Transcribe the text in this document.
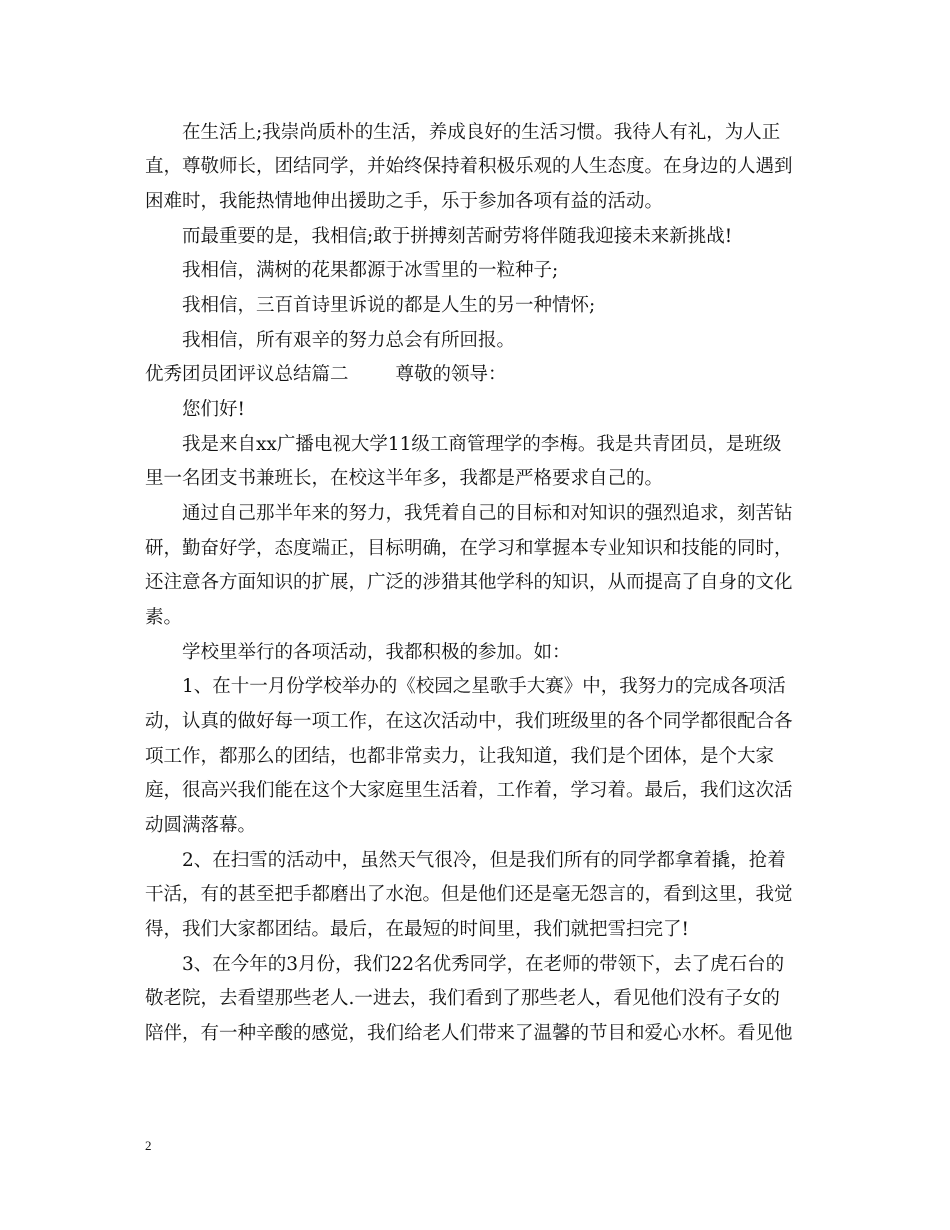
在生活上;我崇尚质朴的生活，养成良好的生活习惯。我待人有礼，为人正
直，尊敬师长，团结同学，并始终保持着积极乐观的人生态度。在身边的人遇到
困难时，我能热情地伸出援助之手，乐于参加各项有益的活动。
而最重要的是，我相信;敢于拼搏刻苦耐劳将伴随我迎接未来新挑战!
我相信，满树的花果都源于冰雪里的一粒种子;
我相信，三百首诗里诉说的都是人生的另一种情怀;
我相信，所有艰辛的努力总会有所回报。
优秀团员团评议总结篇二        尊敬的领导：
您们好!
我是来自xx广播电视大学11级工商管理学的李梅。我是共青团员，是班级
里一名团支书兼班长，在校这半年多，我都是严格要求自己的。
通过自己那半年来的努力，我凭着自己的目标和对知识的强烈追求，刻苦钻
研，勤奋好学，态度端正，目标明确，在学习和掌握本专业知识和技能的同时，
还注意各方面知识的扩展，广泛的涉猎其他学科的知识，从而提高了自身的文化
素。
学校里举行的各项活动，我都积极的参加。如：
1、在十一月份学校举办的《校园之星歌手大赛》中，我努力的完成各项活
动，认真的做好每一项工作，在这次活动中，我们班级里的各个同学都很配合各
项工作，都那么的团结，也都非常卖力，让我知道，我们是个团体，是个大家
庭，很高兴我们能在这个大家庭里生活着，工作着，学习着。最后，我们这次活
动圆满落幕。
2、在扫雪的活动中，虽然天气很冷，但是我们所有的同学都拿着撬，抢着
干活，有的甚至把手都磨出了水泡。但是他们还是毫无怨言的，看到这里，我觉
得，我们大家都团结。最后，在最短的时间里，我们就把雪扫完了!
3、在今年的3月份，我们22名优秀同学，在老师的带领下，去了虎石台的
敬老院，去看望那些老人.一进去，我们看到了那些老人，看见他们没有子女的
陪伴，有一种辛酸的感觉，我们给老人们带来了温馨的节目和爱心水杯。看见他
2
